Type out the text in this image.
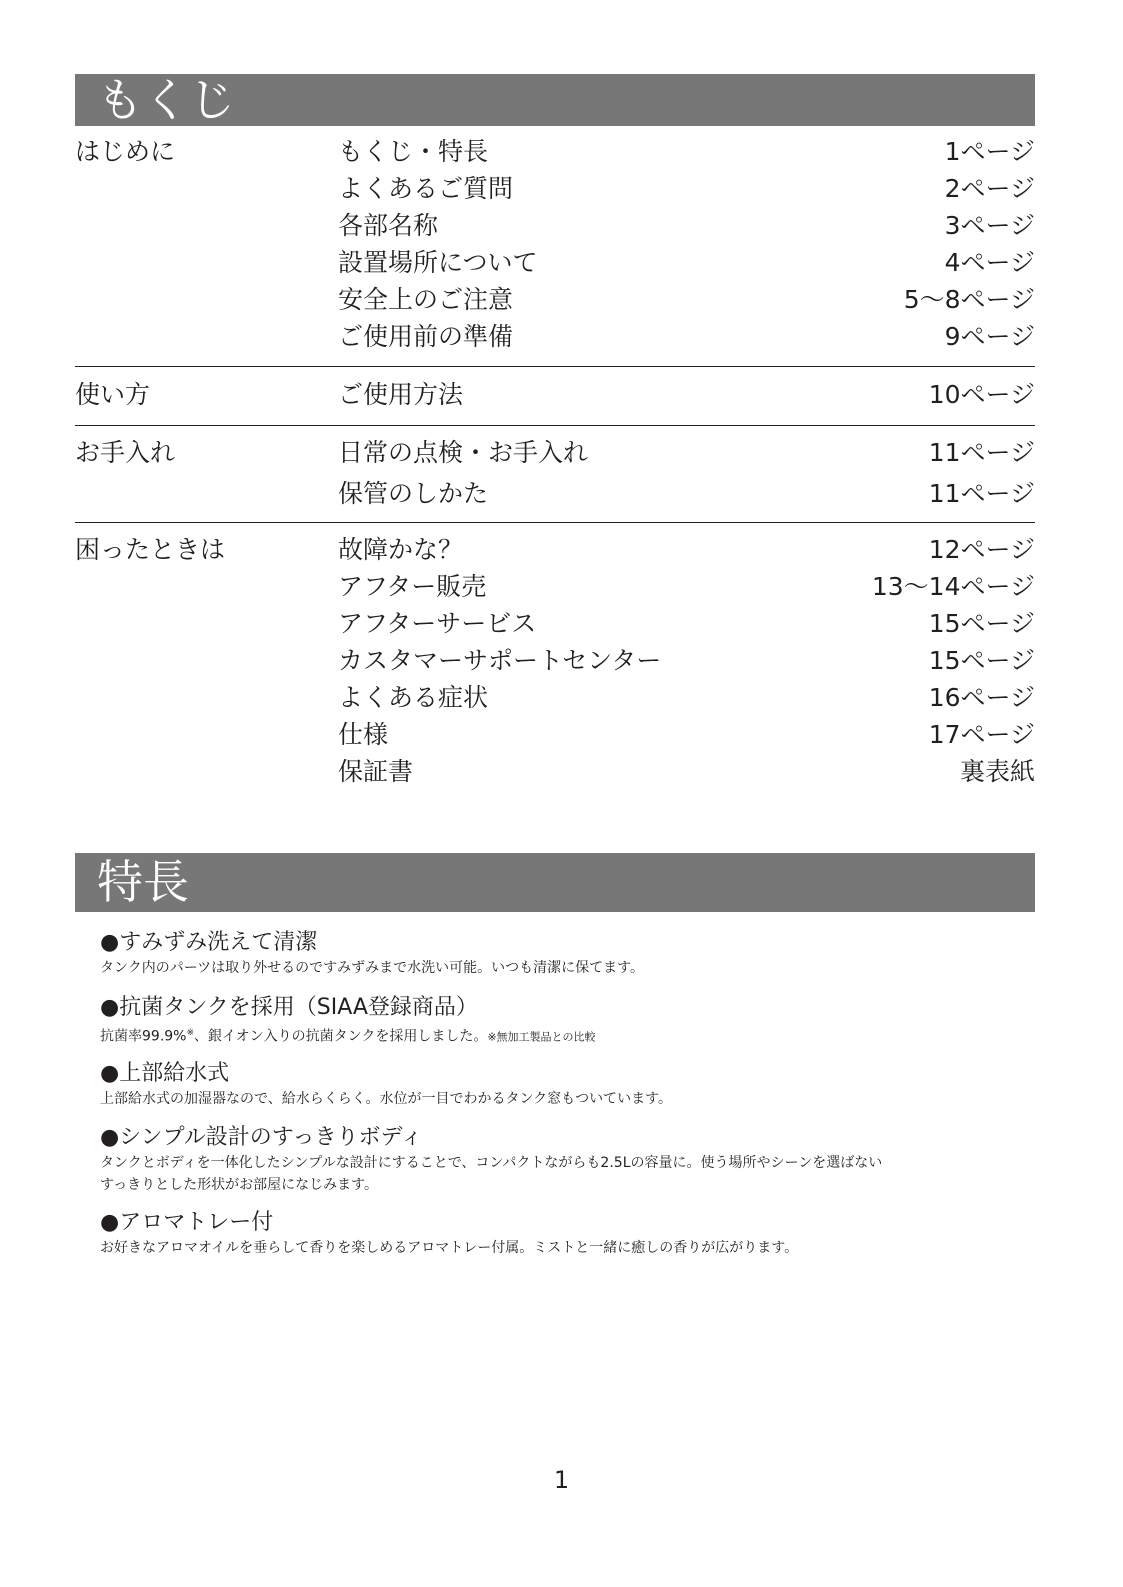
もくじ
はじめに	もくじ・特長	1ページ
よくあるご質問	2ページ
各部名称	3ページ
設置場所について	4ページ
安全上のご注意	5～8ページ
ご使用前の準備	9ページ
使い方	ご使用方法	10ページ
お手入れ	日常の点検・お手入れ	11ページ
保管のしかた	11ページ
困ったときは	故障かな？	12ページ
アフター販売	13～14ページ
アフターサービス	15ページ
カスタマーサポートセンター	15ページ
よくある症状	16ページ
仕様	17ページ
保証書	裏表紙
特長
●すみずみ洗えて清潔
タンク内のパーツは取り外せるのですみずみまで水洗い可能。いつも清潔に保てます。
●抗菌タンクを採用（SIAA登録商品）
抗菌率99.9%※、銀イオン入りの抗菌タンクを採用しました。※無加工製品との比較
●上部給水式
上部給水式の加湿器なので、給水らくらく。水位が一目でわかるタンク窓もついています。
●シンプル設計のすっきりボディ
タンクとボディを一体化したシンプルな設計にすることで、コンパクトながらも2.5Lの容量に。使う場所やシーンを選ばない
すっきりとした形状がお部屋になじみます。
●アロマトレー付
お好きなアロマオイルを垂らして香りを楽しめるアロマトレー付属。ミストと一緒に癒しの香りが広がります。
1
